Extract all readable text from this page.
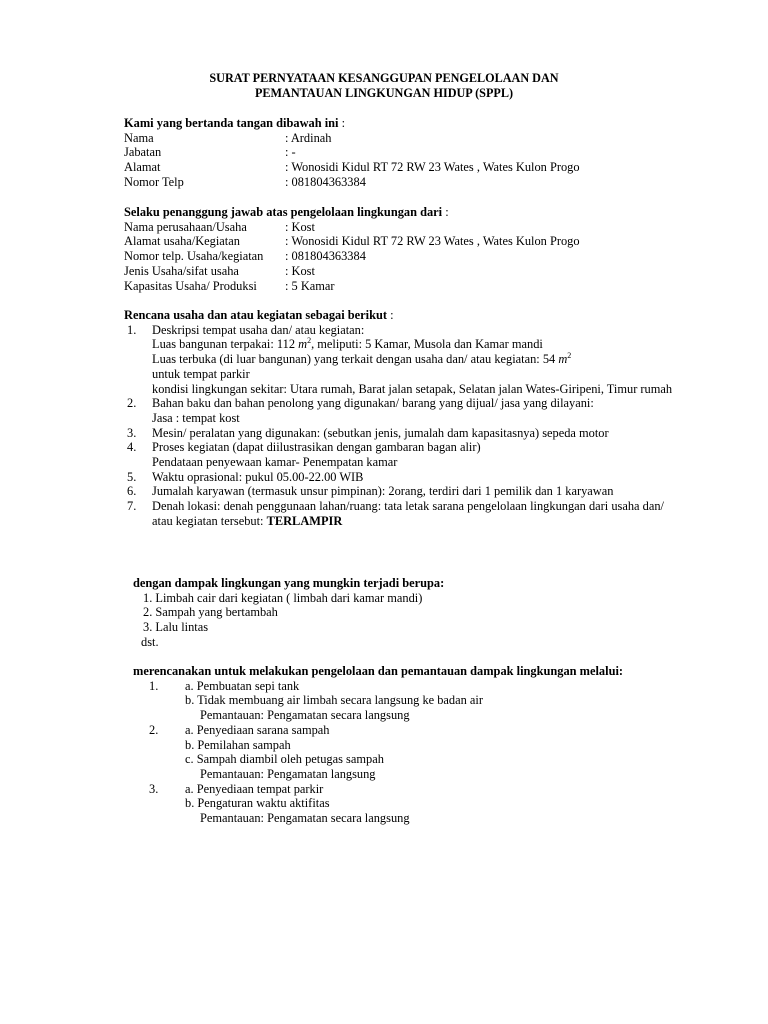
SURAT PERNYATAAN KESANGGUPAN PENGELOLAAN DAN
PEMANTAUAN LINGKUNGAN HIDUP (SPPL)
Kami yang bertanda tangan dibawah ini :
Nama	: Ardinah
Jabatan	: -
Alamat	: Wonosidi Kidul RT 72 RW 23 Wates , Wates Kulon Progo
Nomor Telp	: 081804363384
Selaku penanggung jawab atas pengelolaan lingkungan dari :
Nama perusahaan/Usaha	: Kost
Alamat usaha/Kegiatan	: Wonosidi Kidul RT 72 RW 23 Wates , Wates Kulon Progo
Nomor telp. Usaha/kegiatan	: 081804363384
Jenis Usaha/sifat usaha	: Kost
Kapasitas Usaha/ Produksi	: 5 Kamar
Rencana usaha dan atau kegiatan sebagai berikut :
1.	Deskripsi tempat usaha dan/ atau kegiatan:
Luas bangunan terpakai: 112 $m^2$, meliputi: 5 Kamar, Musola dan Kamar mandi
Luas terbuka (di luar bangunan) yang terkait dengan usaha dan/ atau kegiatan: 54 $m^2$
untuk tempat parkir
kondisi lingkungan sekitar: Utara rumah, Barat jalan setapak, Selatan jalan Wates-Giripeni, Timur rumah
2.	Bahan baku dan bahan penolong yang digunakan/ barang yang dijual/ jasa yang dilayani:
Jasa : tempat kost
3.	Mesin/ peralatan yang digunakan: (sebutkan jenis, jumalah dam kapasitasnya) sepeda motor
4.	Proses kegiatan (dapat diilustrasikan dengan gambaran bagan alir)
Pendataan penyewaan kamar- Penempatan kamar
5.	Waktu oprasional: pukul 05.00-22.00 WIB
6.	Jumalah karyawan (termasuk unsur pimpinan): 2orang, terdiri dari 1 pemilik dan 1 karyawan
7.	Denah lokasi: denah penggunaan lahan/ruang: tata letak sarana pengelolaan lingkungan dari usaha dan/ atau kegiatan tersebut: TERLAMPIR
dengan dampak lingkungan yang mungkin terjadi berupa:
1. Limbah cair dari kegiatan ( limbah dari kamar mandi)
2. Sampah yang bertambah
3. Lalu lintas
dst.
merencanakan untuk melakukan pengelolaan dan pemantauan dampak lingkungan melalui:
1.	a. Pembuatan sepi tank
b. Tidak membuang air limbah secara langsung ke badan air
Pemantauan: Pengamatan secara langsung
2.	a. Penyediaan sarana sampah
b. Pemilahan sampah
c. Sampah diambil oleh petugas sampah
Pemantauan: Pengamatan langsung
3.	a. Penyediaan tempat parkir
b. Pengaturan waktu aktifitas
Pemantauan: Pengamatan secara langsung
